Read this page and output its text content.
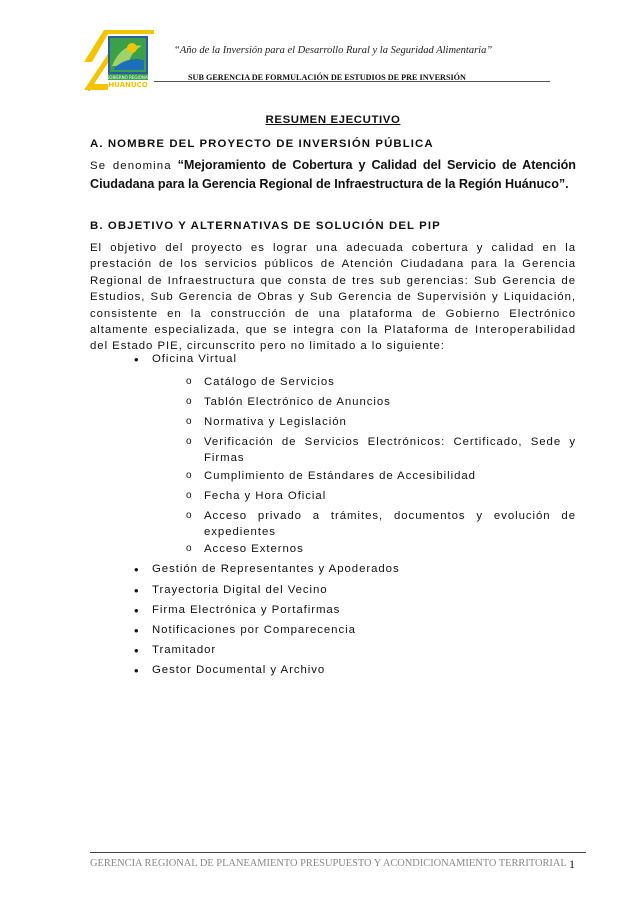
GOBIERNO REGIONAL
HUANUCO
“Año de la Inversión para el Desarrollo Rural y la Seguridad Alimentaria”
SUB GERENCIA DE FORMULACIÓN DE ESTUDIOS DE PRE INVERSIÓN
.
RESUMEN EJECUTIVO
A. NOMBRE DEL PROYECTO DE INVERSIÓN PÚBLICA
Se denomina “Mejoramiento de Cobertura y Calidad del Servicio de Atención Ciudadana para la Gerencia Regional de Infraestructura de la Región Huánuco”.
B. OBJETIVO Y ALTERNATIVAS DE SOLUCIÓN DEL PIP
El objetivo del proyecto es lograr una adecuada cobertura y calidad en la prestación de los servicios públicos de Atención Ciudadana para la Gerencia Regional de Infraestructura que consta de tres sub gerencias: Sub Gerencia de Estudios, Sub Gerencia de Obras y Sub Gerencia de Supervisión y Liquidación, consistente en la construcción de una plataforma de Gobierno Electrónico altamente especializada, que se integra con la Plataforma de Interoperabilidad del Estado PIE, circunscrito pero no limitado a lo siguiente:
• Oficina Virtual
o Catálogo de Servicios
o Tablón Electrónico de Anuncios
o Normativa y Legislación
o Verificación de Servicios Electrónicos: Certificado, Sede y Firmas
o Cumplimiento de Estándares de Accesibilidad
o Fecha y Hora Oficial
o Acceso privado a trámites, documentos y evolución de expedientes
o Acceso Externos
• Gestión de Representantes y Apoderados
• Trayectoria Digital del Vecino
• Firma Electrónica y Portafirmas
• Notificaciones por Comparecencia
• Tramitador
• Gestor Documental y Archivo
GERENCIA REGIONAL DE PLANEAMIENTO PRESUPUESTO Y ACONDICIONAMIENTO TERRITORIAL 1
